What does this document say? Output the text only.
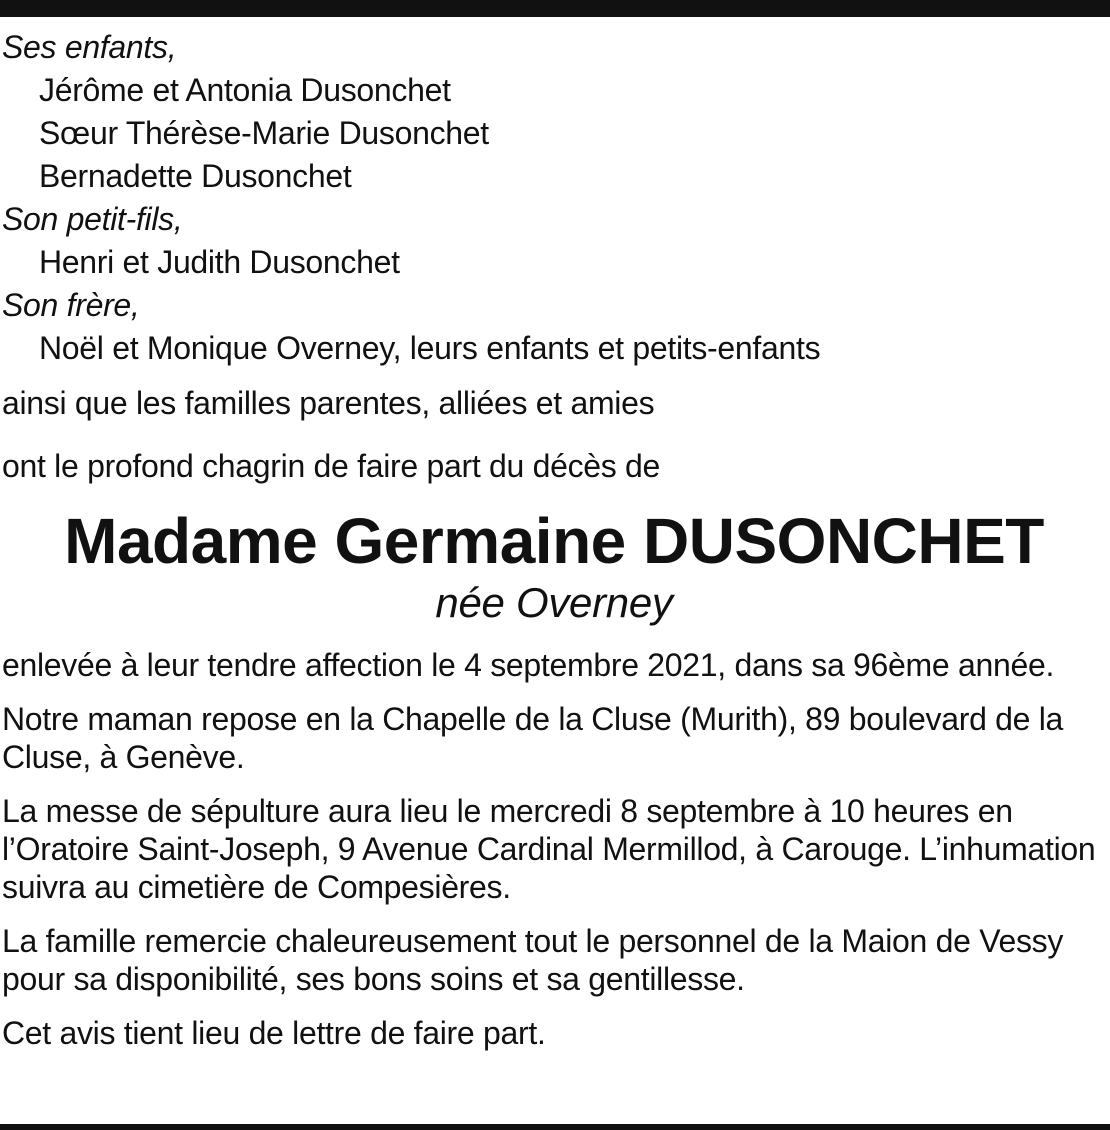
Ses enfants,
Jérôme et Antonia Dusonchet
Sœur Thérèse-Marie Dusonchet
Bernadette Dusonchet
Son petit-fils,
Henri et Judith Dusonchet
Son frère,
Noël et Monique Overney, leurs enfants et petits-enfants
ainsi que les familles parentes, alliées et amies
ont le profond chagrin de faire part du décès de
Madame Germaine DUSONCHET
née Overney
enlevée à leur tendre affection le 4 septembre 2021, dans sa 96ème année.
Notre maman repose en la Chapelle de la Cluse (Murith), 89 boulevard de la Cluse, à Genève.
La messe de sépulture aura lieu le mercredi 8 septembre à 10 heures en l’Oratoire Saint-Joseph, 9 Avenue Cardinal Mermillod, à Carouge. L’inhumation suivra au cimetière de Compesières.
La famille remercie chaleureusement tout le personnel de la Maion de Vessy pour sa disponibilité, ses bons soins et sa gentillesse.
Cet avis tient lieu de lettre de faire part.
